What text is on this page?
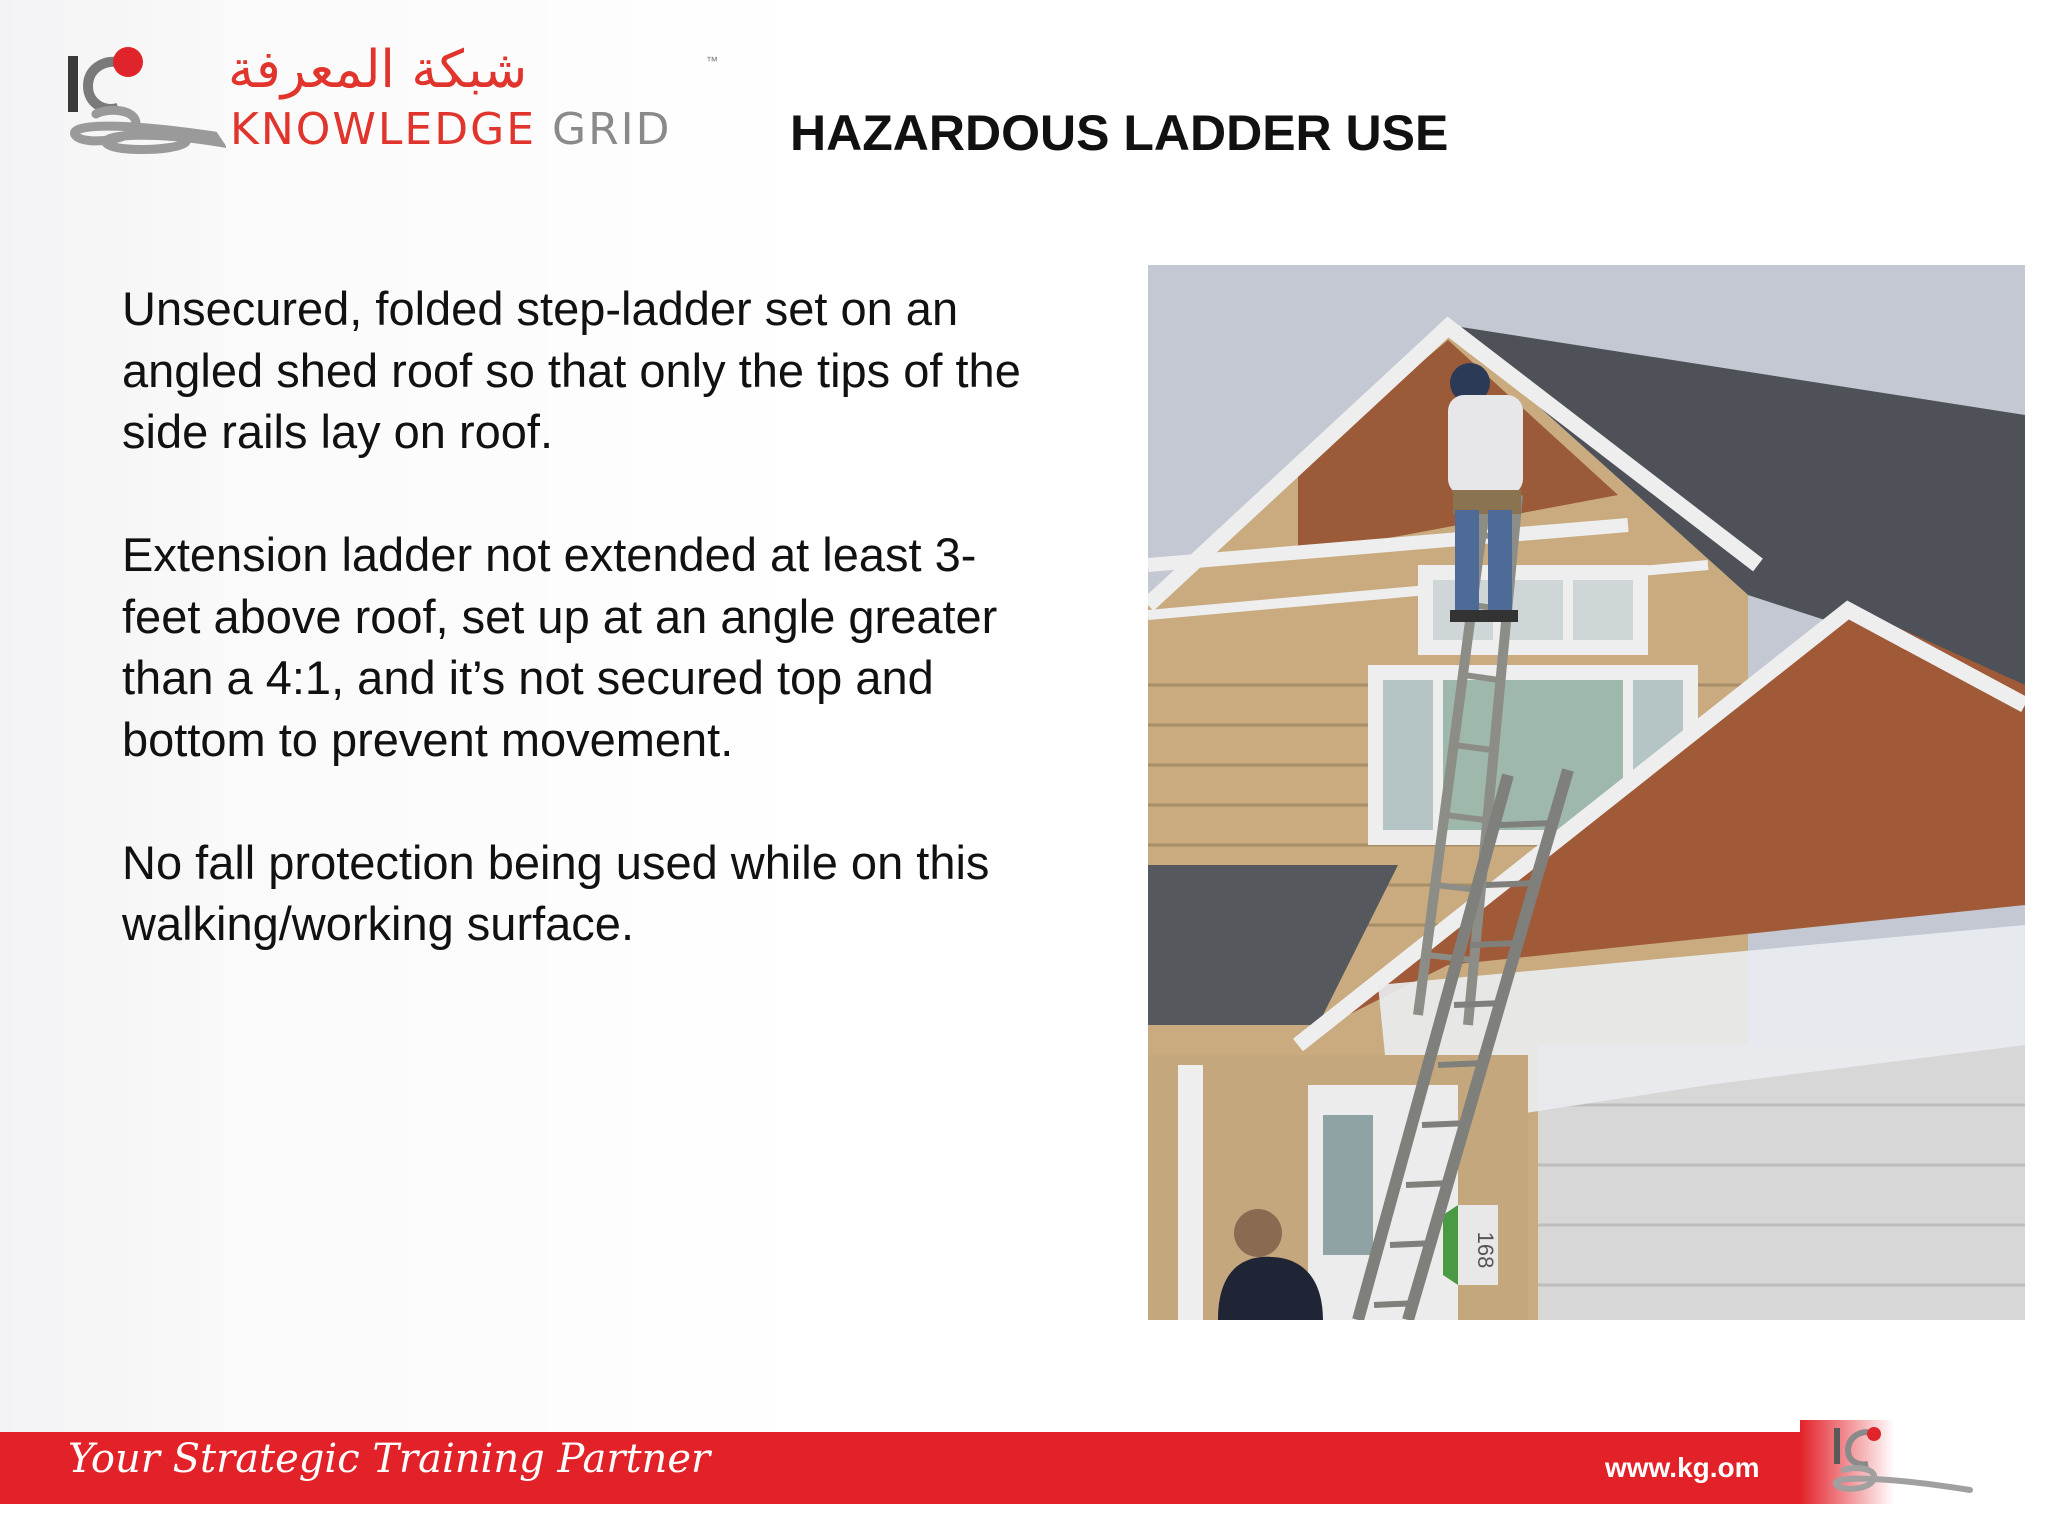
شبكة المعرفة	™
KNOWLEDGE GRID HAZARDOUS LADDER USE

Unsecured, folded step-ladder set on an
angled shed roof so that only the tips of the
side rails lay on roof.

Extension ladder not extended at least 3-
feet above roof, set up at an angle greater
than a 4:1, and it’s not secured top and
bottom to prevent movement.

No fall protection being used while on this
walking/working surface.

168
Your Strategic Training Partner	www.kg.om
